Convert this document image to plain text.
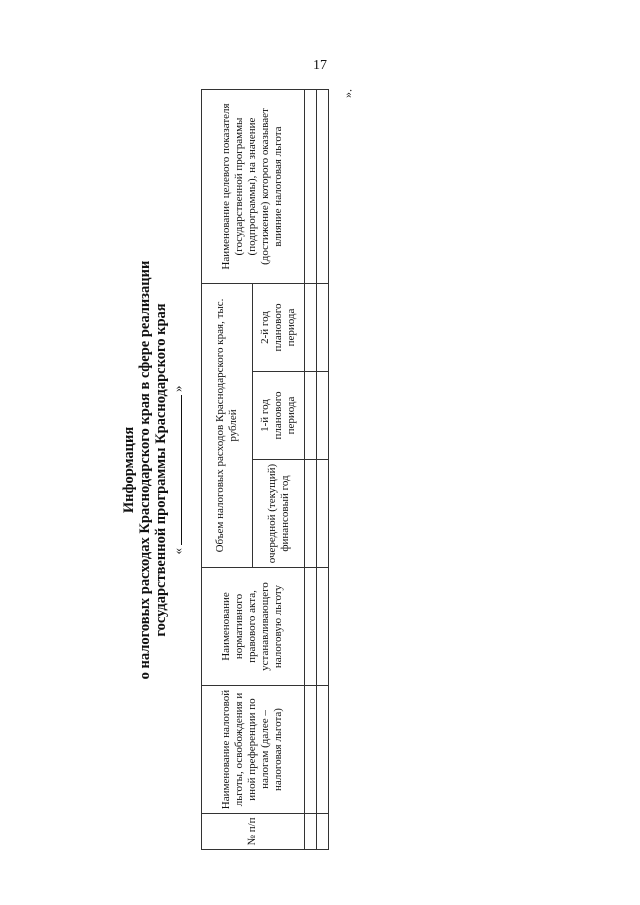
17
».
Информация о налоговых расходах Краснодарского края в сфере реализации государственной программы Краснодарского края «»
№ п/п	Наименование налоговой льготы, освобождения и иной преференции по налогам (далее – налоговая льгота)	Наименование нормативного правового акта, устанавливающего налоговую льготу	Объем налоговых расходов Краснодарского края, тыс. рублей			Наименование целевого показателя (государственной программы (подпрограммы), на значение (достижение) которого оказывает влияние налоговая льгота
			очередной (текущий) финансовый год	1-й год планового периода	2-й год планового периода	
